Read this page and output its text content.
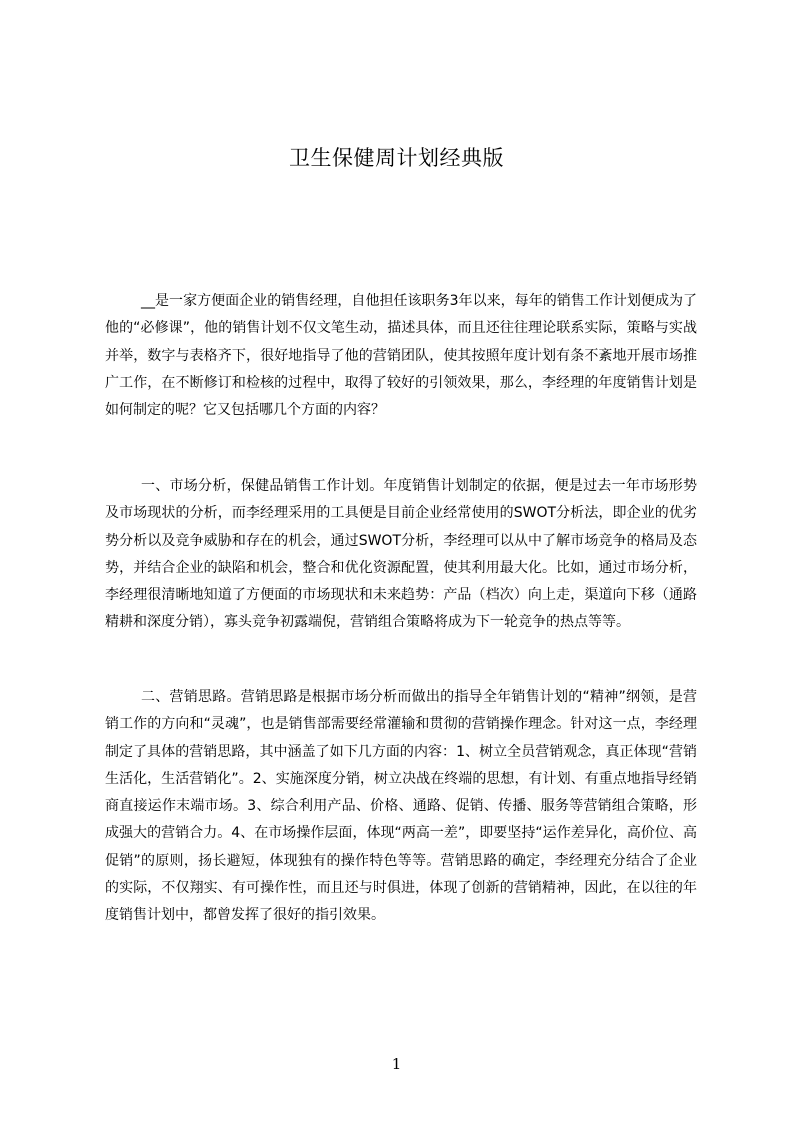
卫生保健周计划经典版

__是一家方便面企业的销售经理，自他担任该职务3年以来，每年的销售工作计划便成为了他的“必修课”，他的销售计划不仅文笔生动，描述具体，而且还往往理论联系实际，策略与实战并举，数字与表格齐下，很好地指导了他的营销团队，使其按照年度计划有条不紊地开展市场推广工作，在不断修订和检核的过程中，取得了较好的引领效果，那么，李经理的年度销售计划是如何制定的呢？它又包括哪几个方面的内容？

一、市场分析，保健品销售工作计划。年度销售计划制定的依据，便是过去一年市场形势及市场现状的分析，而李经理采用的工具便是目前企业经常使用的SWOT分析法，即企业的优劣势分析以及竞争威胁和存在的机会，通过SWOT分析，李经理可以从中了解市场竞争的格局及态势，并结合企业的缺陷和机会，整合和优化资源配置，使其利用最大化。比如，通过市场分析，李经理很清晰地知道了方便面的市场现状和未来趋势：产品（档次）向上走，渠道向下移（通路精耕和深度分销），寡头竞争初露端倪，营销组合策略将成为下一轮竞争的热点等等。

二、营销思路。营销思路是根据市场分析而做出的指导全年销售计划的“精神”纲领，是营销工作的方向和“灵魂”，也是销售部需要经常灌输和贯彻的营销操作理念。针对这一点，李经理制定了具体的营销思路，其中涵盖了如下几方面的内容：1、树立全员营销观念，真正体现“营销生活化，生活营销化”。2、实施深度分销，树立决战在终端的思想，有计划、有重点地指导经销商直接运作末端市场。3、综合利用产品、价格、通路、促销、传播、服务等营销组合策略，形成强大的营销合力。4、在市场操作层面，体现“两高一差”，即要坚持“运作差异化，高价位、高促销”的原则，扬长避短，体现独有的操作特色等等。营销思路的确定，李经理充分结合了企业的实际，不仅翔实、有可操作性，而且还与时俱进，体现了创新的营销精神，因此，在以往的年度销售计划中，都曾发挥了很好的指引效果。

1
